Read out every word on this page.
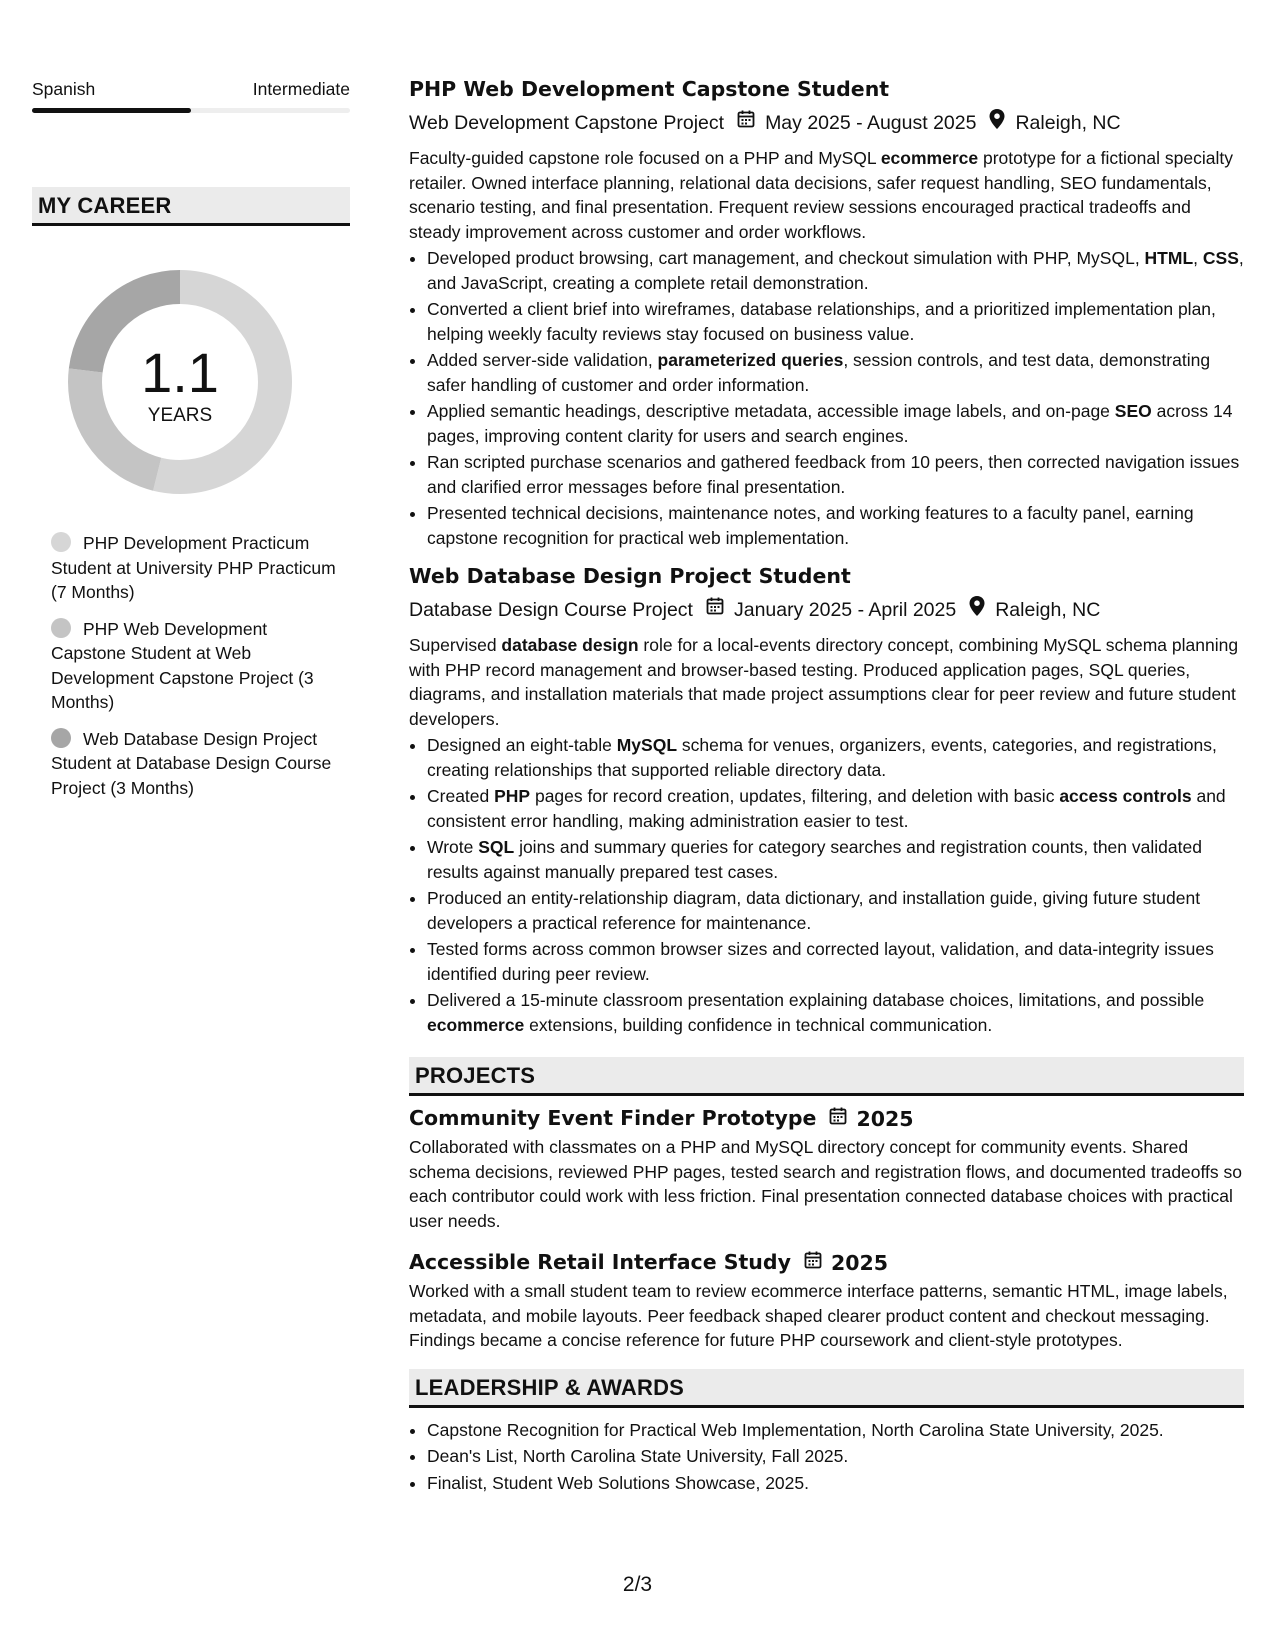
Spanish	Intermediate
MY CAREER
1.1
YEARS
PHP Development Practicum Student at University PHP Practicum (7 Months)
PHP Web Development Capstone Student at Web Development Capstone Project (3 Months)
Web Database Design Project Student at Database Design Course Project (3 Months)
PHP Web Development Capstone Student
Web Development Capstone Project May 2025 - August 2025 Raleigh, NC
Faculty-guided capstone role focused on a PHP and MySQL ecommerce prototype for a fictional specialty retailer. Owned interface planning, relational data decisions, safer request handling, SEO fundamentals, scenario testing, and final presentation. Frequent review sessions encouraged practical tradeoffs and steady improvement across customer and order workflows.
• Developed product browsing, cart management, and checkout simulation with PHP, MySQL, HTML, CSS, and JavaScript, creating a complete retail demonstration.
• Converted a client brief into wireframes, database relationships, and a prioritized implementation plan, helping weekly faculty reviews stay focused on business value.
• Added server-side validation, parameterized queries, session controls, and test data, demonstrating safer handling of customer and order information.
• Applied semantic headings, descriptive metadata, accessible image labels, and on-page SEO across 14 pages, improving content clarity for users and search engines.
• Ran scripted purchase scenarios and gathered feedback from 10 peers, then corrected navigation issues and clarified error messages before final presentation.
• Presented technical decisions, maintenance notes, and working features to a faculty panel, earning capstone recognition for practical web implementation.
Web Database Design Project Student
Database Design Course Project January 2025 - April 2025 Raleigh, NC
Supervised database design role for a local-events directory concept, combining MySQL schema planning with PHP record management and browser-based testing. Produced application pages, SQL queries, diagrams, and installation materials that made project assumptions clear for peer review and future student developers.
• Designed an eight-table MySQL schema for venues, organizers, events, categories, and registrations, creating relationships that supported reliable directory data.
• Created PHP pages for record creation, updates, filtering, and deletion with basic access controls and consistent error handling, making administration easier to test.
• Wrote SQL joins and summary queries for category searches and registration counts, then validated results against manually prepared test cases.
• Produced an entity-relationship diagram, data dictionary, and installation guide, giving future student developers a practical reference for maintenance.
• Tested forms across common browser sizes and corrected layout, validation, and data-integrity issues identified during peer review.
• Delivered a 15-minute classroom presentation explaining database choices, limitations, and possible ecommerce extensions, building confidence in technical communication.
PROJECTS
Community Event Finder Prototype 2025
Collaborated with classmates on a PHP and MySQL directory concept for community events. Shared schema decisions, reviewed PHP pages, tested search and registration flows, and documented tradeoffs so each contributor could work with less friction. Final presentation connected database choices with practical user needs.
Accessible Retail Interface Study 2025
Worked with a small student team to review ecommerce interface patterns, semantic HTML, image labels, metadata, and mobile layouts. Peer feedback shaped clearer product content and checkout messaging. Findings became a concise reference for future PHP coursework and client-style prototypes.
LEADERSHIP & AWARDS
• Capstone Recognition for Practical Web Implementation, North Carolina State University, 2025.
• Dean's List, North Carolina State University, Fall 2025.
• Finalist, Student Web Solutions Showcase, 2025.
2/3
